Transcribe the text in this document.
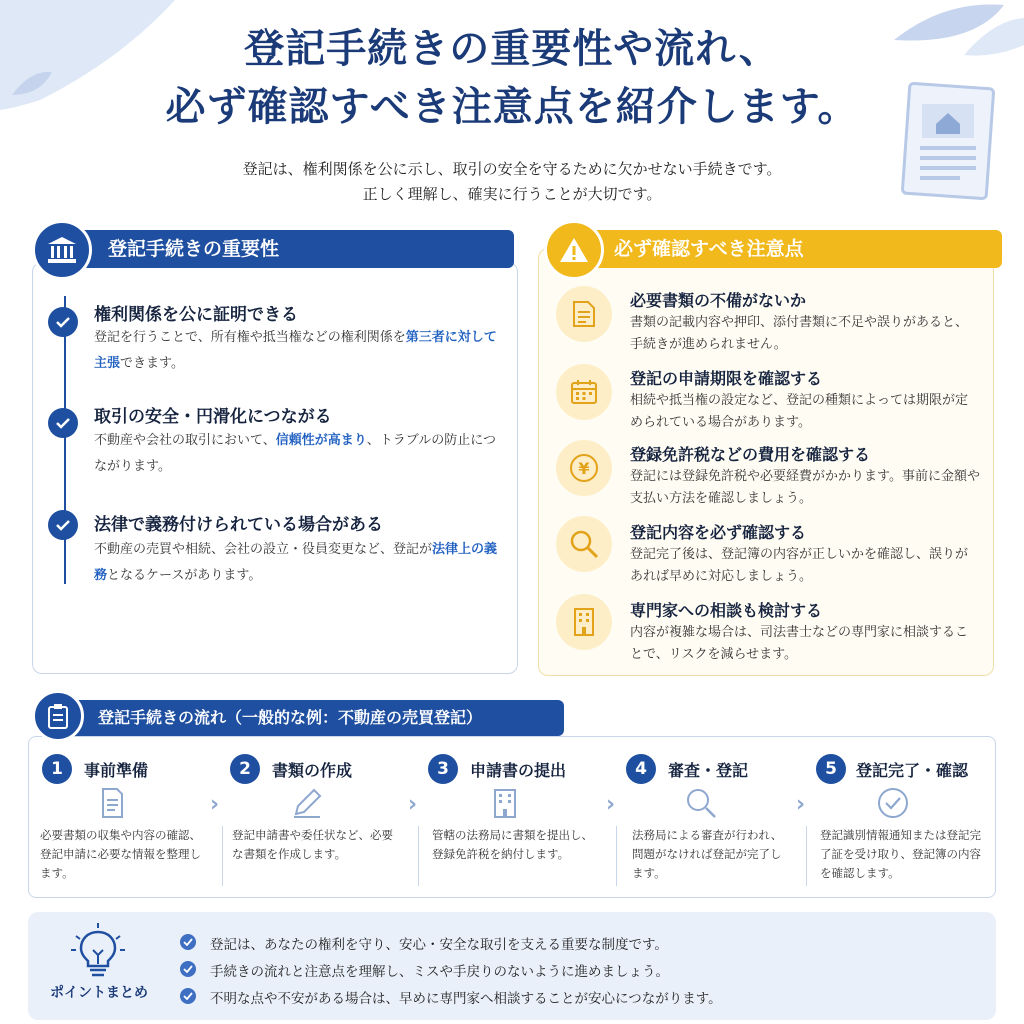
登記手続きの重要性や流れ、
必ず確認すべき注意点を紹介します。
登記は、権利関係を公に示し、取引の安全を守るために欠かせない手続きです。
正しく理解し、確実に行うことが大切です。
登記手続きの重要性
権利関係を公に証明できる
登記を行うことで、所有権や抵当権などの権利関係を第三者に対して主張できます。
取引の安全・円滑化につながる
不動産や会社の取引において、信頼性が高まり、トラブルの防止につながります。
法律で義務付けられている場合がある
不動産の売買や相続、会社の設立・役員変更など、登記が法律上の義務となるケースがあります。
必ず確認すべき注意点
必要書類の不備がないか
書類の記載内容や押印、添付書類に不足や誤りがあると、手続きが進められません。
登記の申請期限を確認する
相続や抵当権の設定など、登記の種類によっては期限が定められている場合があります。
¥
登録免許税などの費用を確認する
登記には登録免許税や必要経費がかかります。事前に金額や支払い方法を確認しましょう。
登記内容を必ず確認する
登記完了後は、登記簿の内容が正しいかを確認し、誤りがあれば早めに対応しましょう。
専門家への相談も検討する
内容が複雑な場合は、司法書士などの専門家に相談することで、リスクを減らせます。
登記手続きの流れ（一般的な例：不動産の売買登記）
1	事前準備
必要書類の収集や内容の確認、登記申請に必要な情報を整理します。
›
2	書類の作成
登記申請書や委任状など、必要な書類を作成します。
›
3	申請書の提出
管轄の法務局に書類を提出し、登録免許税を納付します。
›
4	審査・登記
法務局による審査が行われ、問題がなければ登記が完了します。
›
5	登記完了・確認
登記識別情報通知または登記完了証を受け取り、登記簿の内容を確認します。
ポイントまとめ
登記は、あなたの権利を守り、安心・安全な取引を支える重要な制度です。
手続きの流れと注意点を理解し、ミスや手戻りのないように進めましょう。
不明な点や不安がある場合は、早めに専門家へ相談することが安心につながります。
